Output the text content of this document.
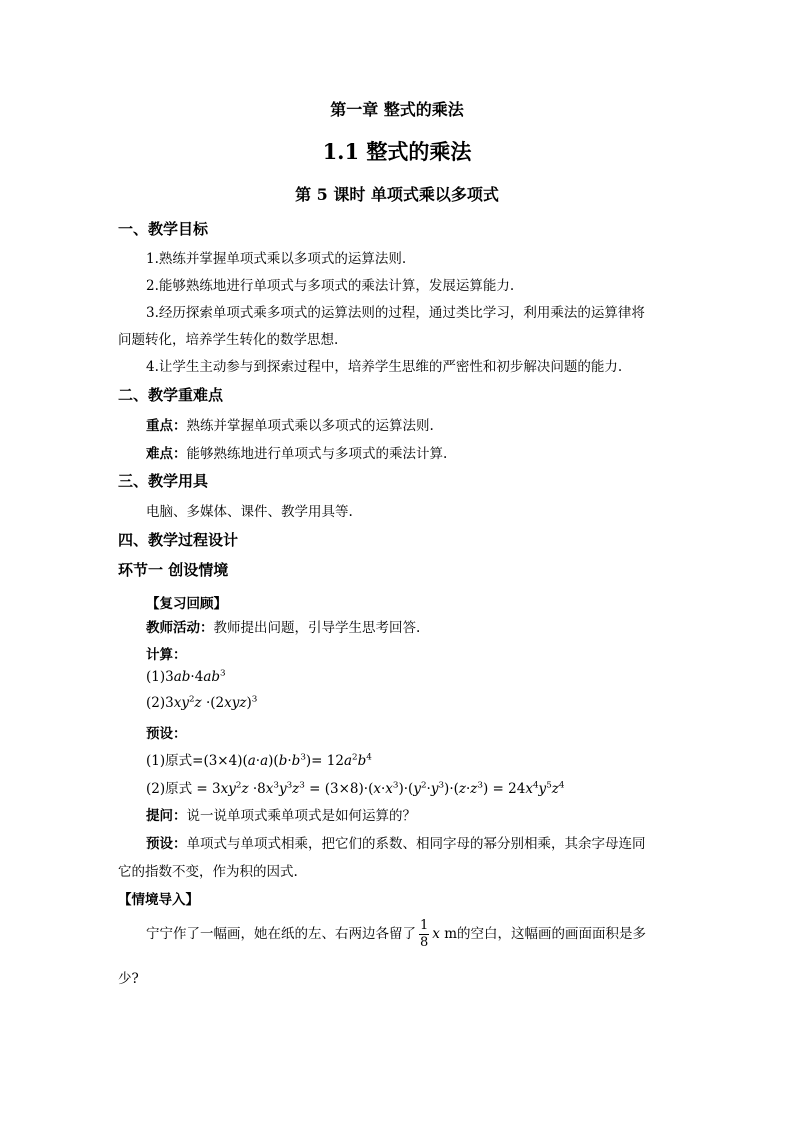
第一章 整式的乘法
1.1 整式的乘法
第 5 课时 单项式乘以多项式
一、教学目标
1.熟练并掌握单项式乘以多项式的运算法则.
2.能够熟练地进行单项式与多项式的乘法计算，发展运算能力.
3.经历探索单项式乘多项式的运算法则的过程，通过类比学习，利用乘法的运算律将
问题转化，培养学生转化的数学思想.
4.让学生主动参与到探索过程中，培养学生思维的严密性和初步解决问题的能力.
二、教学重难点
重点：熟练并掌握单项式乘以多项式的运算法则.
难点：能够熟练地进行单项式与多项式的乘法计算.
三、教学用具
电脑、多媒体、课件、教学用具等.
四、教学过程设计
环节一 创设情境
【复习回顾】
教师活动：教师提出问题，引导学生思考回答.
计算：
$(1)3ab\cdot 4ab^3$
$(2)3xy^2z \cdot(2xyz)^3$
预设：
(1)原式$=(3\times 4)(a\cdot a)(b\cdot b^3)= 12a^2b^4$
(2)原式 = $3xy^2z \cdot 8x^3y^3z^3 = (3\times 8)\cdot(x\cdot x^3)\cdot(y^2\cdot y^3)\cdot(z\cdot z^3) = 24x^4y^5z^4$
提问：说一说单项式乘单项式是如何运算的？
预设：单项式与单项式相乘，把它们的系数、相同字母的幂分别相乘，其余字母连同
它的指数不变，作为积的因式.
【情境导入】
宁宁作了一幅画，她在纸的左、右两边各留了 $\frac{1}{8}$ x m的空白，这幅画的画面面积是多
少?
